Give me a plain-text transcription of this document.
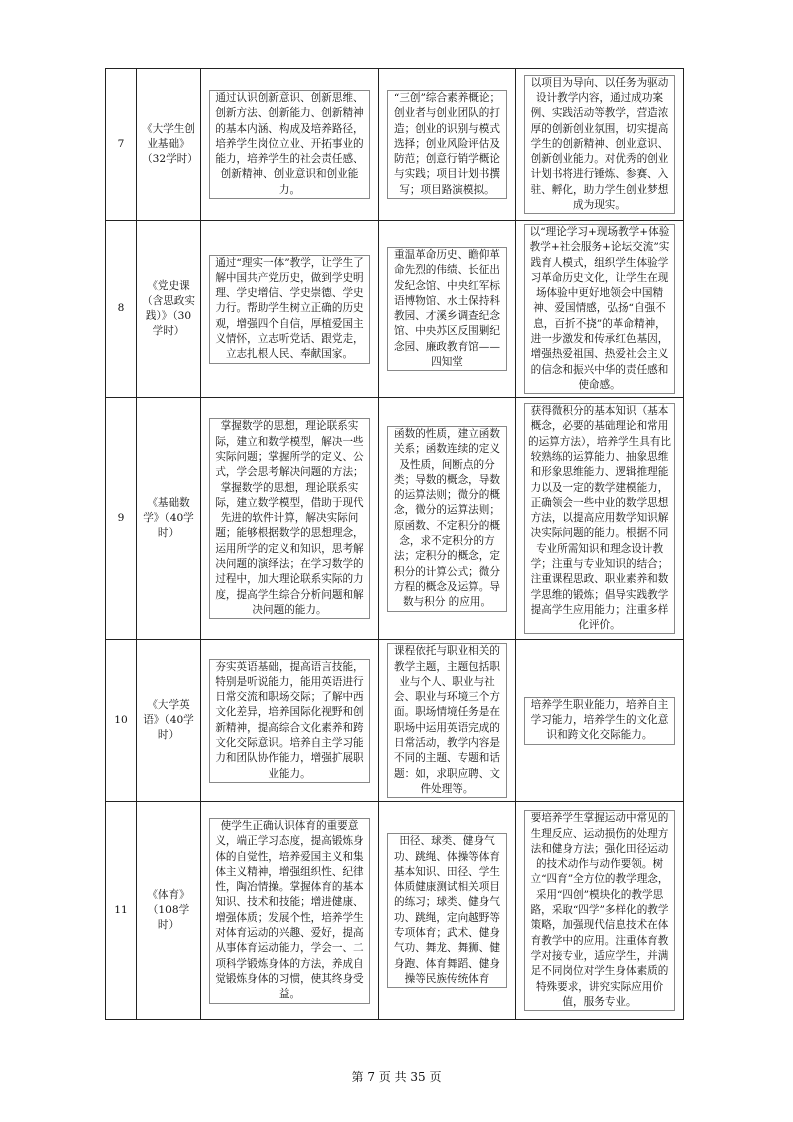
7	《大学生创业基础》（32学时）	通过认识创新意识、创新思维、创新方法、创新能力、创新精神的基本内涵、构成及培养路径，培养学生岗位立业、开拓事业的能力，培养学生的社会责任感、创新精神、创业意识和创业能力。	“三创”综合素养概论；创业者与创业团队的打造；创业的识别与模式选择；创业风险评估及防范；创意行销学概论与实践；项目计划书撰写；项目路演模拟。	以项目为导向、以任务为驱动设计教学内容，通过成功案例、实践活动等教学，营造浓厚的创新创业氛围，切实提高学生的创新精神、创业意识、创新创业能力。对优秀的创业计划书将进行锤炼、参赛、入驻、孵化，助力学生创业梦想成为现实。

8	《党史课（含思政实践）》（30学时）	通过“理实一体”教学，让学生了解中国共产党历史，做到学史明理、学史增信、学史崇德、学史力行。帮助学生树立正确的历史观，增强四个自信，厚植爱国主义情怀，立志听党话、跟党走，立志扎根人民、奉献国家。	重温革命历史、瞻仰革命先烈的伟绩、长征出发纪念馆、中央红军标语博物馆、水土保持科教园、才溪乡调查纪念馆、中央苏区反围剿纪念园、廉政教育馆——四知堂	以“理论学习+现场教学+体验教学+社会服务+论坛交流”实践育人模式，组织学生体验学习革命历史文化，让学生在现场体验中更好地领会中国精神、爱国情感，弘扬“自强不息，百折不挠”的革命精神，进一步激发和传承红色基因，增强热爱祖国、热爱社会主义的信念和振兴中华的责任感和使命感。

9	《基础数学》（40学时）	掌握数学的思想，理论联系实际，建立和数学模型，解决一些实际问题；掌握所学的定义、公式，学会思考解决问题的方法；掌握数学的思想，理论联系实际，建立数学模型，借助于现代先进的软件计算，解决实际问题；能够根据数学的思想理念，运用所学的定义和知识，思考解决问题的演绎法；在学习数学的过程中，加大理论联系实际的力度，提高学生综合分析问题和解决问题的能力。	函数的性质，建立函数关系；函数连续的定义及性质，间断点的分类；导数的概念，导数的运算法则；微分的概念，微分的运算法则；原函数、不定积分的概念，求不定积分的方法；定积分的概念，定积分的计算公式；微分方程的概念及运算。导数与积分 的应用。	获得微积分的基本知识（基本概念，必要的基础理论和常用的运算方法），培养学生具有比较熟练的运算能力、抽象思维和形象思维能力、逻辑推理能力以及一定的数学建模能力，正确领会一些中业的数学思想方法，以提高应用数学知识解决实际问题的能力。根据不同专业所需知识和理念设计教学；注重与专业知识的结合；注重课程思政、职业素养和数学思维的锻炼；倡导实践教学提高学生应用能力；注重多样化评价。

10	《大学英语》（40学时）	夯实英语基础，提高语言技能，特别是听说能力，能用英语进行日常交流和职场交际；了解中西文化差异，培养国际化视野和创新精神，提高综合文化素养和跨文化交际意识。培养自主学习能力和团队协作能力，增强扩展职业能力。	课程依托与职业相关的教学主题，主题包括职业与个人、职业与社会、职业与环境三个方面。职场情境任务是在职场中运用英语完成的日常活动，教学内容是不同的主题、专题和话题：如，求职应聘、文件处理等。	培养学生职业能力，培养自主学习能力，培养学生的文化意识和跨文化交际能力。

11	《体育》（108学时）	使学生正确认识体育的重要意义，端正学习态度，提高锻炼身体的自觉性，培养爱国主义和集体主义精神，增强组织性、纪律性，陶冶情操。掌握体育的基本知识、技术和技能；增进健康、增强体质；发展个性，培养学生对体育运动的兴趣、爱好，提高从事体育运动能力，学会一、二项科学锻炼身体的方法，养成自觉锻炼身体的习惯，使其终身受益。	田径、球类、健身气功、跳绳、体操等体育基本知识、田径、学生体质健康测试相关项目的练习；球类、健身气功、跳绳，定向越野等专项体育；武术、健身气功、舞龙、舞狮、健身跑、体育舞蹈、健身操等民族传统体育	要培养学生掌握运动中常见的生理反应、运动损伤的处理方法和健身方法；强化田径运动的技术动作与动作要领。树立“四育”全方位的教学理念，采用“四创”模块化的教学思路，采取“四学”多样化的教学策略，加强现代信息技术在体育教学中的应用。注重体育教学对接专业，适应学生，并满足不同岗位对学生身体素质的特殊要求，讲究实际应用价值，服务专业。
第 7 页 共 35 页
